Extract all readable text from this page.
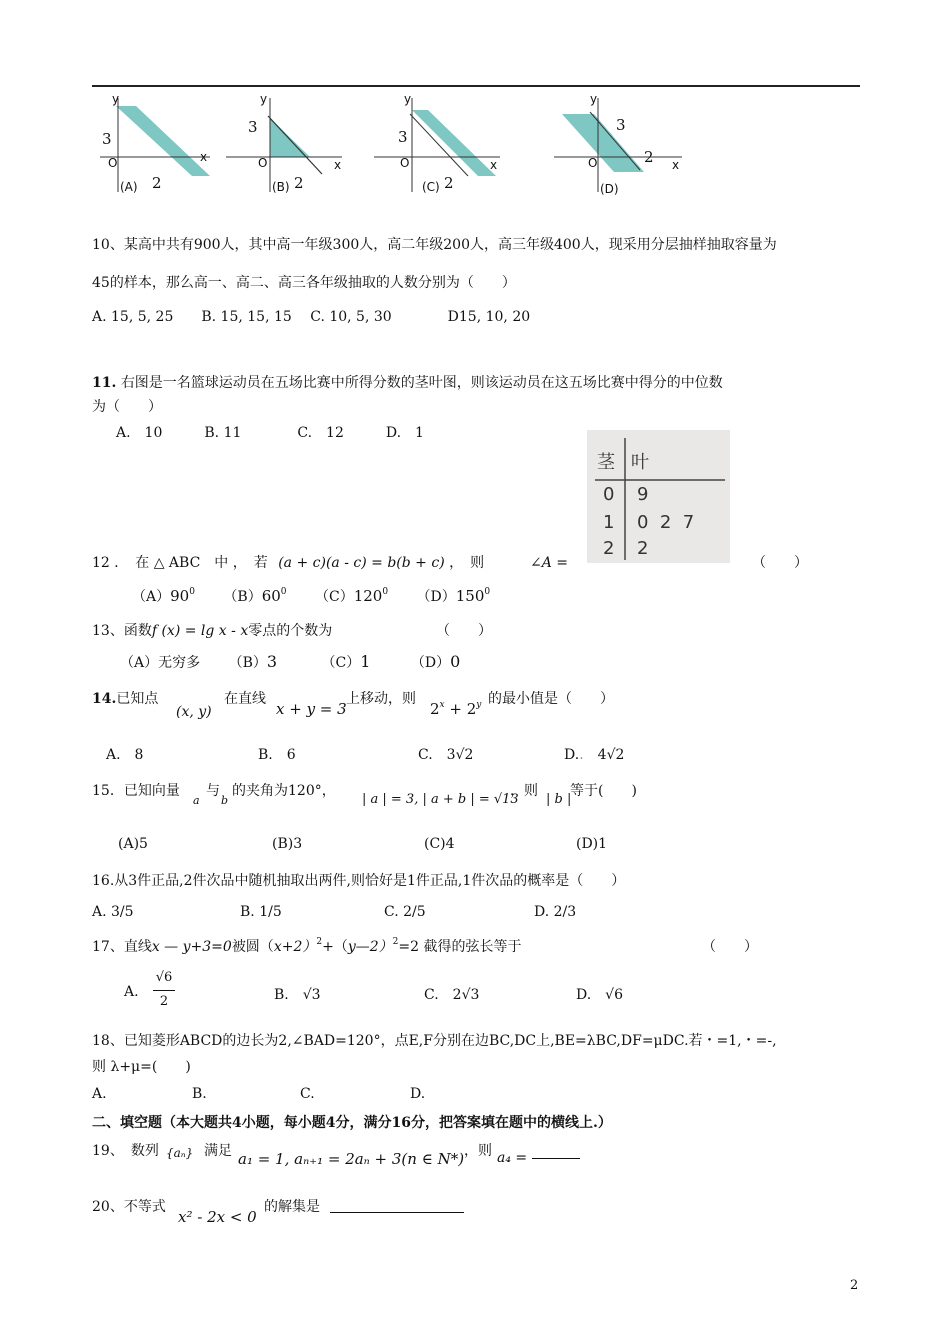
y
x
O
3
(A) 2
y
x
O
3
(B) 2
y
x
O
3
(C) 2
y
x
O
3
(D)
2
10、某高中共有900人，其中高一年级300人，高二年级200人，高三年级400人，现采用分层抽样抽取容量为
45的样本，那么高一、高二、高三各年级抽取的人数分别为（　　）
A. 15, 5, 25　　B. 15, 15, 15　 C. 10, 5, 30　　　　D15, 10, 20
11. 右图是一名篮球运动员在五场比赛中所得分数的茎叶图，则该运动员在这五场比赛中得分的中位数
为（　　）
A.　10　　　B. 11　　　　C.　12　　　D.　1
茎 叶
0 9
1 0  2  7
2 2
12 ．　在 △ ABC　中 ，　若 (a + c)(a - c) = b(b + c) ，　则	∠A =	（　　）
$(A)90^0$ $(B)60^0$ $(C)120^0$ $(D)150^0$
13、函数f (x) = lg x - x零点的个数为	（　　）
（A）无穷多 （B）3	（C）1	（D）0
14.已知点
(x, y)
在直线
x + y = 3
上移动，则
$2^x + 2^y$ 的最小值是（　　）
A.　8	B.　6	C.　3√2	D..　4√2
15．已知向量
a
与
b
的夹角为120°，
| a | = 3, | a + b | = √13
，则
| b |
等于(　　)
(A)5	(B)3	(C)4	(D)1
16.从3件正品,2件次品中随机抽取出两件,则恰好是1件正品,1件次品的概率是（　　）
A. 3/5	B. 1/5	C. 2/5	D. 2/3
17、直线x — y+3=0被圆$(x+2)^2+(y—2)^2=2$ 截得的弦长等于	（　　）
A.
√6
2	B.　√3	C.　2√3	D.　√6
18、已知菱形ABCD的边长为2,∠BAD=120°，点E,F分别在边BC,DC上,BE=λBC,DF=μDC.若・=1,・=-,
则 λ+μ=(　　)
A.	B.	C.	D.
二、填空题（本大题共4小题，每小题4分，满分16分，把答案填在题中的横线上.）
19、　数列 {aₙ} 满足 a₁ = 1, aₙ₊₁ = 2aₙ + 3(n ∈ N*) ，则 a₄ =
20、不等式
x² - 2x < 0
的解集是
2
